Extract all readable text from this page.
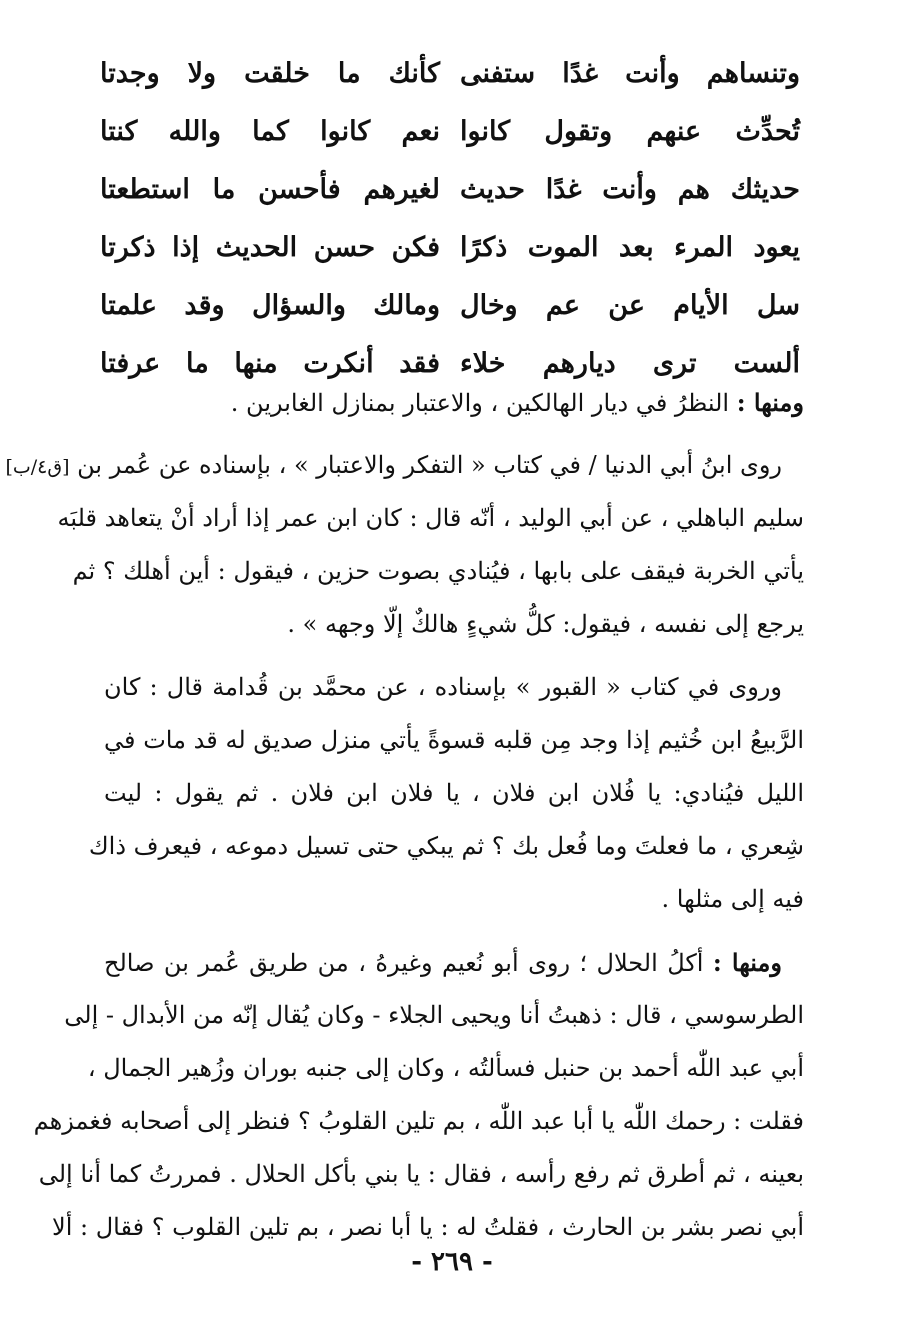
وتنساهم وأنت غدًا ستفنى
كأنك ما خلقت ولا وجدتا
تُحدِّث عنهم وتقول كانوا
نعم كانوا كما والله كنتا
حديثك هم وأنت غدًا حديث
لغيرهم فأحسن ما استطعتا
يعود المرء بعد الموت ذكرًا
فكن حسن الحديث إذا ذكرتا
سل الأيام عن عم وخال
ومالك والسؤال وقد علمتا
ألست ترى ديارهم خلاء
فقد أنكرت منها ما عرفتا
ومنها : النظرُ في ديار الهالكين ، والاعتبار بمنازل الغابرين .
روى ابنُ أبي الدنيا / في كتاب « التفكر والاعتبار » ، بإسناده عن عُمر بن [ق٤/ب]
سليم الباهلي ، عن أبي الوليد ، أنّه قال : كان ابن عمر إذا أراد أنْ يتعاهد قلبَه
يأتي الخربة فيقف على بابها ، فيُنادي بصوت حزين ، فيقول : أين أهلك ؟ ثم
يرجع إلى نفسه ، فيقول: كلُّ شيءٍ هالكٌ إلّا وجهه » .
وروى في كتاب « القبور » بإسناده ، عن محمَّد بن قُدامة قال : كان
الرَّبيعُ ابن خُثيم إذا وجد مِن قلبه قسوةً يأتي منزل صديق له قد مات في
الليل فيُنادي: يا فُلان ابن فلان ، يا فلان ابن فلان . ثم يقول : ليت
شِعري ، ما فعلتَ وما فُعل بك ؟ ثم يبكي حتى تسيل دموعه ، فيعرف ذاك
فيه إلى مثلها .
ومنها : أكلُ الحلال ؛ روى أبو نُعيم وغيرهُ ، من طريق عُمر بن صالح
الطرسوسي ، قال : ذهبتُ أنا ويحيى الجلاء - وكان يُقال إنّه من الأبدال - إلى
أبي عبد اللّٰه أحمد بن حنبل فسألتُه ، وكان إلى جنبه بوران وزُهير الجمال ،
فقلت : رحمك اللّٰه يا أبا عبد اللّٰه ، بم تلين القلوبُ ؟ فنظر إلى أصحابه فغمزهم
بعينه ، ثم أطرق ثم رفع رأسه ، فقال : يا بني بأكل الحلال . فمررتُ كما أنا إلى
أبي نصر بشر بن الحارث ، فقلتُ له : يا أبا نصر ، بم تلين القلوب ؟ فقال : ألا
- ٢٦٩ -
